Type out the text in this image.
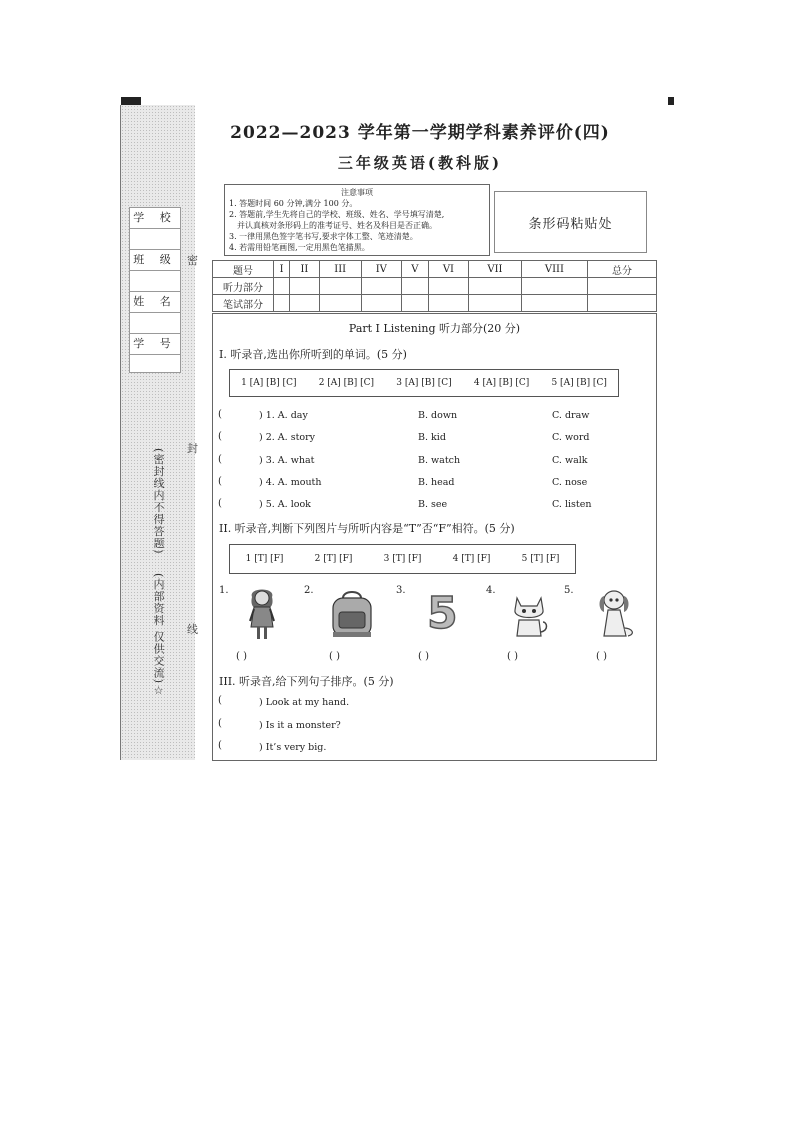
学 校
班 级
姓 名
学 号
密
封
线
(密封线内不得答题)
(内部资料 仅供交流)☆
2022—2023 学年第一学期学科素养评价(四)
三年级英语(教科版)
注意事项
1. 答题时间 60 分钟,满分 100 分。
2. 答题前,学生先将自己的学校、班级、姓名、学号填写清楚,
并认真核对条形码上的准考证号、姓名及科目是否正确。
3. 一律用黑色签字笔书写,要求字体工整、笔迹清楚。
4. 若需用铅笔画图,一定用黑色笔描黑。
条形码粘贴处
题号	I	II	III	IV	V	VI	VII	VIII	总分
听力部分									
笔试部分									
Part I Listening 听力部分(20 分)
I. 听录音,选出你所听到的单词。(5 分)
1 [A] [B] [C] 2 [A] [B] [C] 3 [A] [B] [C] 4 [A] [B] [C] 5 [A] [B] [C]
(	) 1. A. day	B. down	C. draw
(	) 2. A. story	B. kid	C. word
(	) 3. A. what	B. watch	C. walk
(	) 4. A. mouth	B. head	C. nose
(	) 5. A. look	B. see	C. listen
II. 听录音,判断下列图片与所听内容是“T”否“F”相符。(5 分)
1 [T] [F]	2 [T] [F]	3 [T] [F]	4 [T] [F]	5 [T] [F]
1.	2.	3. 5	4.	5.
( )	( )	( )	( )	( )
III. 听录音,给下列句子排序。(5 分)
(	) Look at my hand.
(	) Is it a monster?
(	) It’s very big.
